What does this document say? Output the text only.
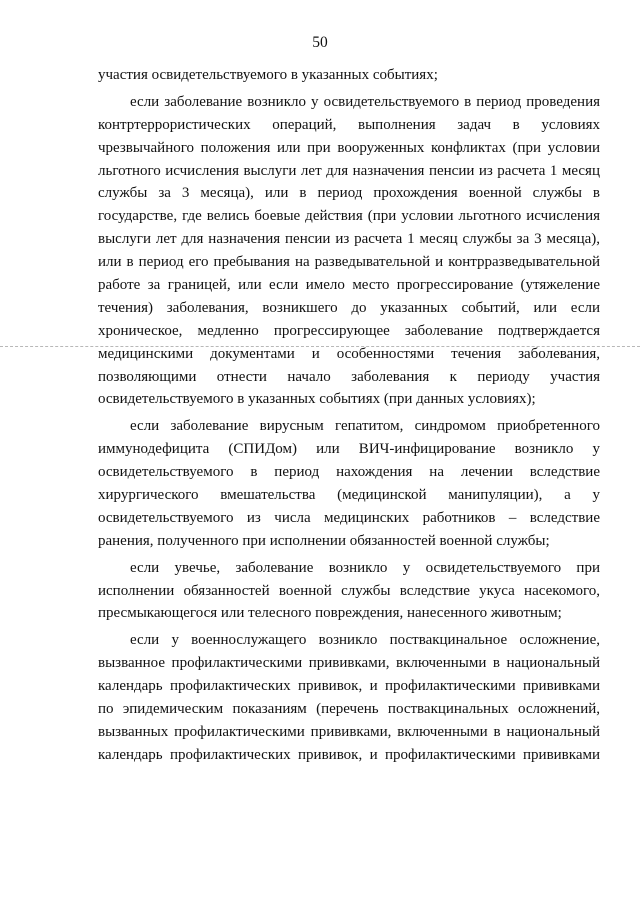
50
участия освидетельствуемого в указанных событиях;
если заболевание возникло у освидетельствуемого в период проведения
контртеррористических операций, выполнения задач в условиях
чрезвычайного положения или при вооруженных конфликтах (при условии
льготного исчисления выслуги лет для назначения пенсии из расчета 1 месяц
службы за 3 месяца), или в период прохождения военной службы в
государстве, где велись боевые действия (при условии льготного исчисления
выслуги лет для назначения пенсии из расчета 1 месяц службы за 3 месяца),
или в период его пребывания на разведывательной и контрразведывательной
работе за границей, или если имело место прогрессирование (утяжеление
течения) заболевания, возникшего до указанных событий, или если
хроническое, медленно прогрессирующее заболевание подтверждается
медицинскими документами и особенностями течения заболевания,
позволяющими отнести начало заболевания к периоду участия
освидетельствуемого в указанных событиях (при данных условиях);
если заболевание вирусным гепатитом, синдромом приобретенного
иммунодефицита (СПИДом) или ВИЧ-инфицирование возникло у
освидетельствуемого в период нахождения на лечении вследствие
хирургического вмешательства (медицинской манипуляции), а у
освидетельствуемого из числа медицинских работников – вследствие
ранения, полученного при исполнении обязанностей военной службы;
если увечье, заболевание возникло у освидетельствуемого при
исполнении обязанностей военной службы вследствие укуса насекомого,
пресмыкающегося или телесного повреждения, нанесенного животным;
если у военнослужащего возникло поствакцинальное осложнение,
вызванное профилактическими прививками, включенными в национальный
календарь профилактических прививок, и профилактическими прививками
по эпидемическим показаниям (перечень поствакцинальных осложнений,
вызванных профилактическими прививками, включенными в национальный
календарь профилактических прививок, и профилактическими прививками
